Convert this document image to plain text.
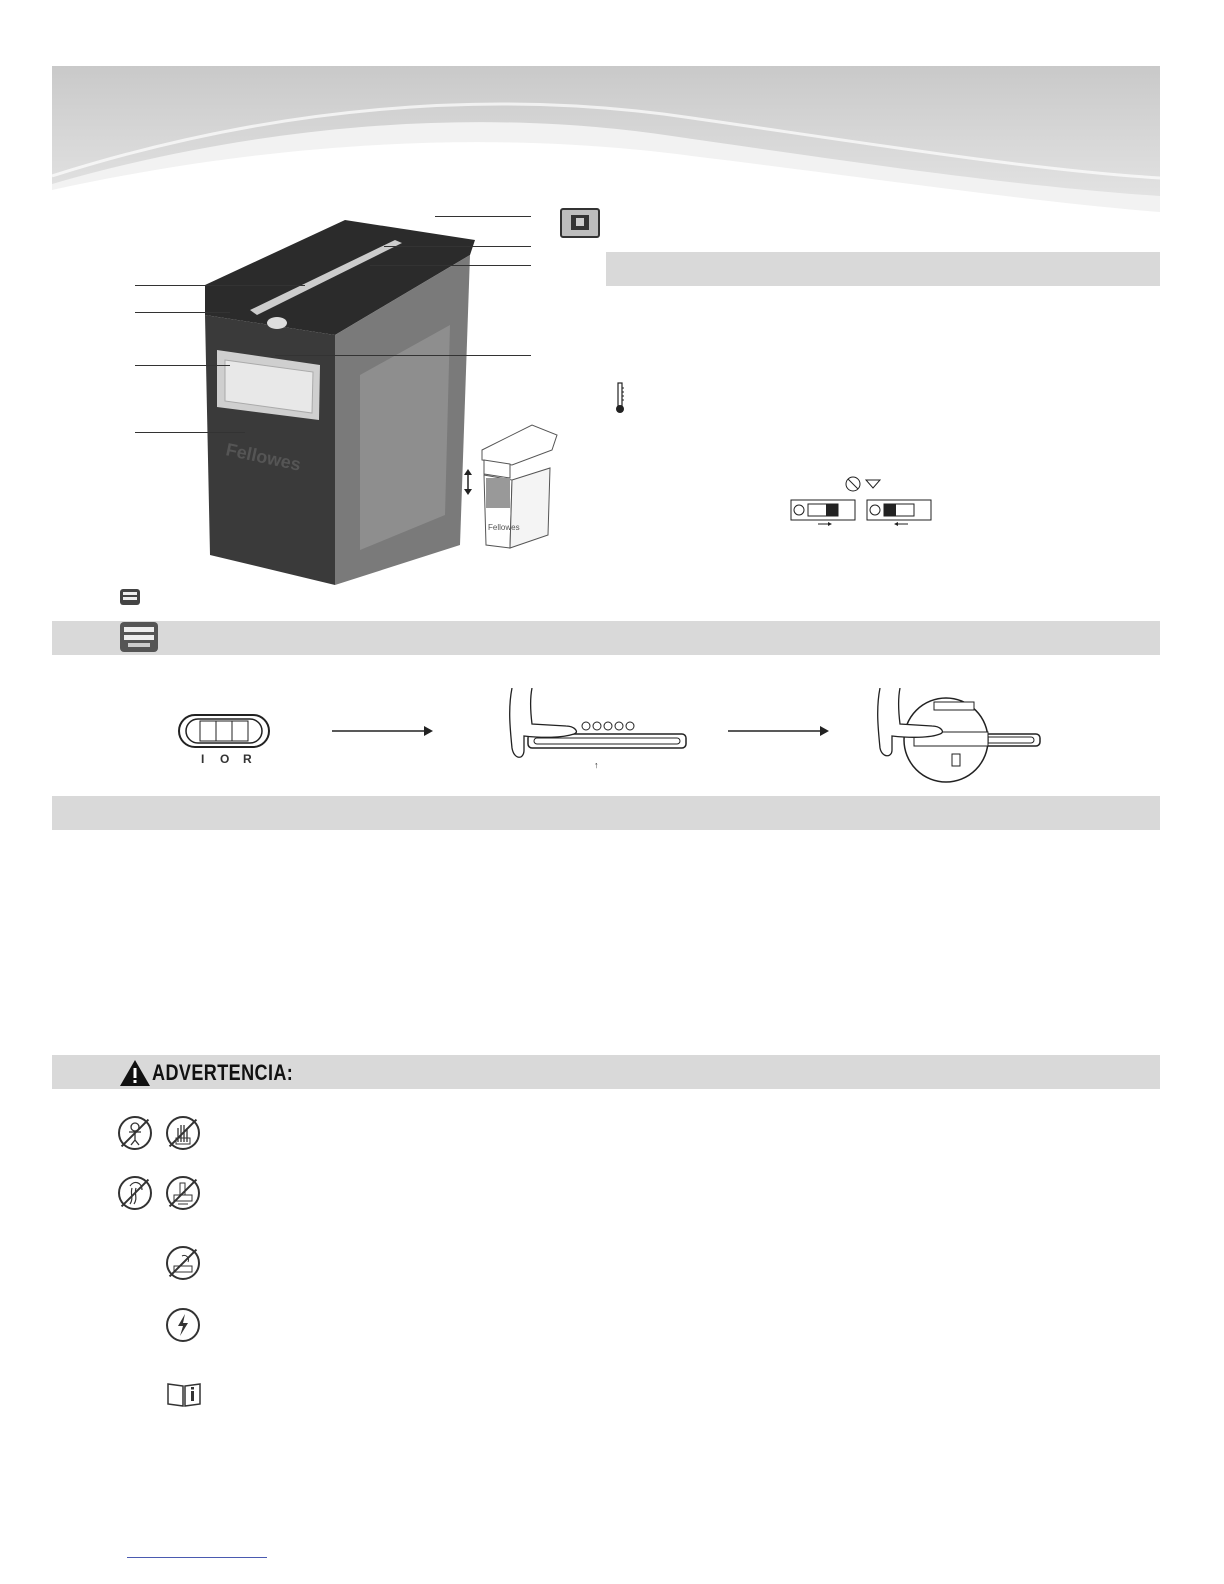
Fellowes
Fellowes
I O R	↑
ADVERTENCIA:
